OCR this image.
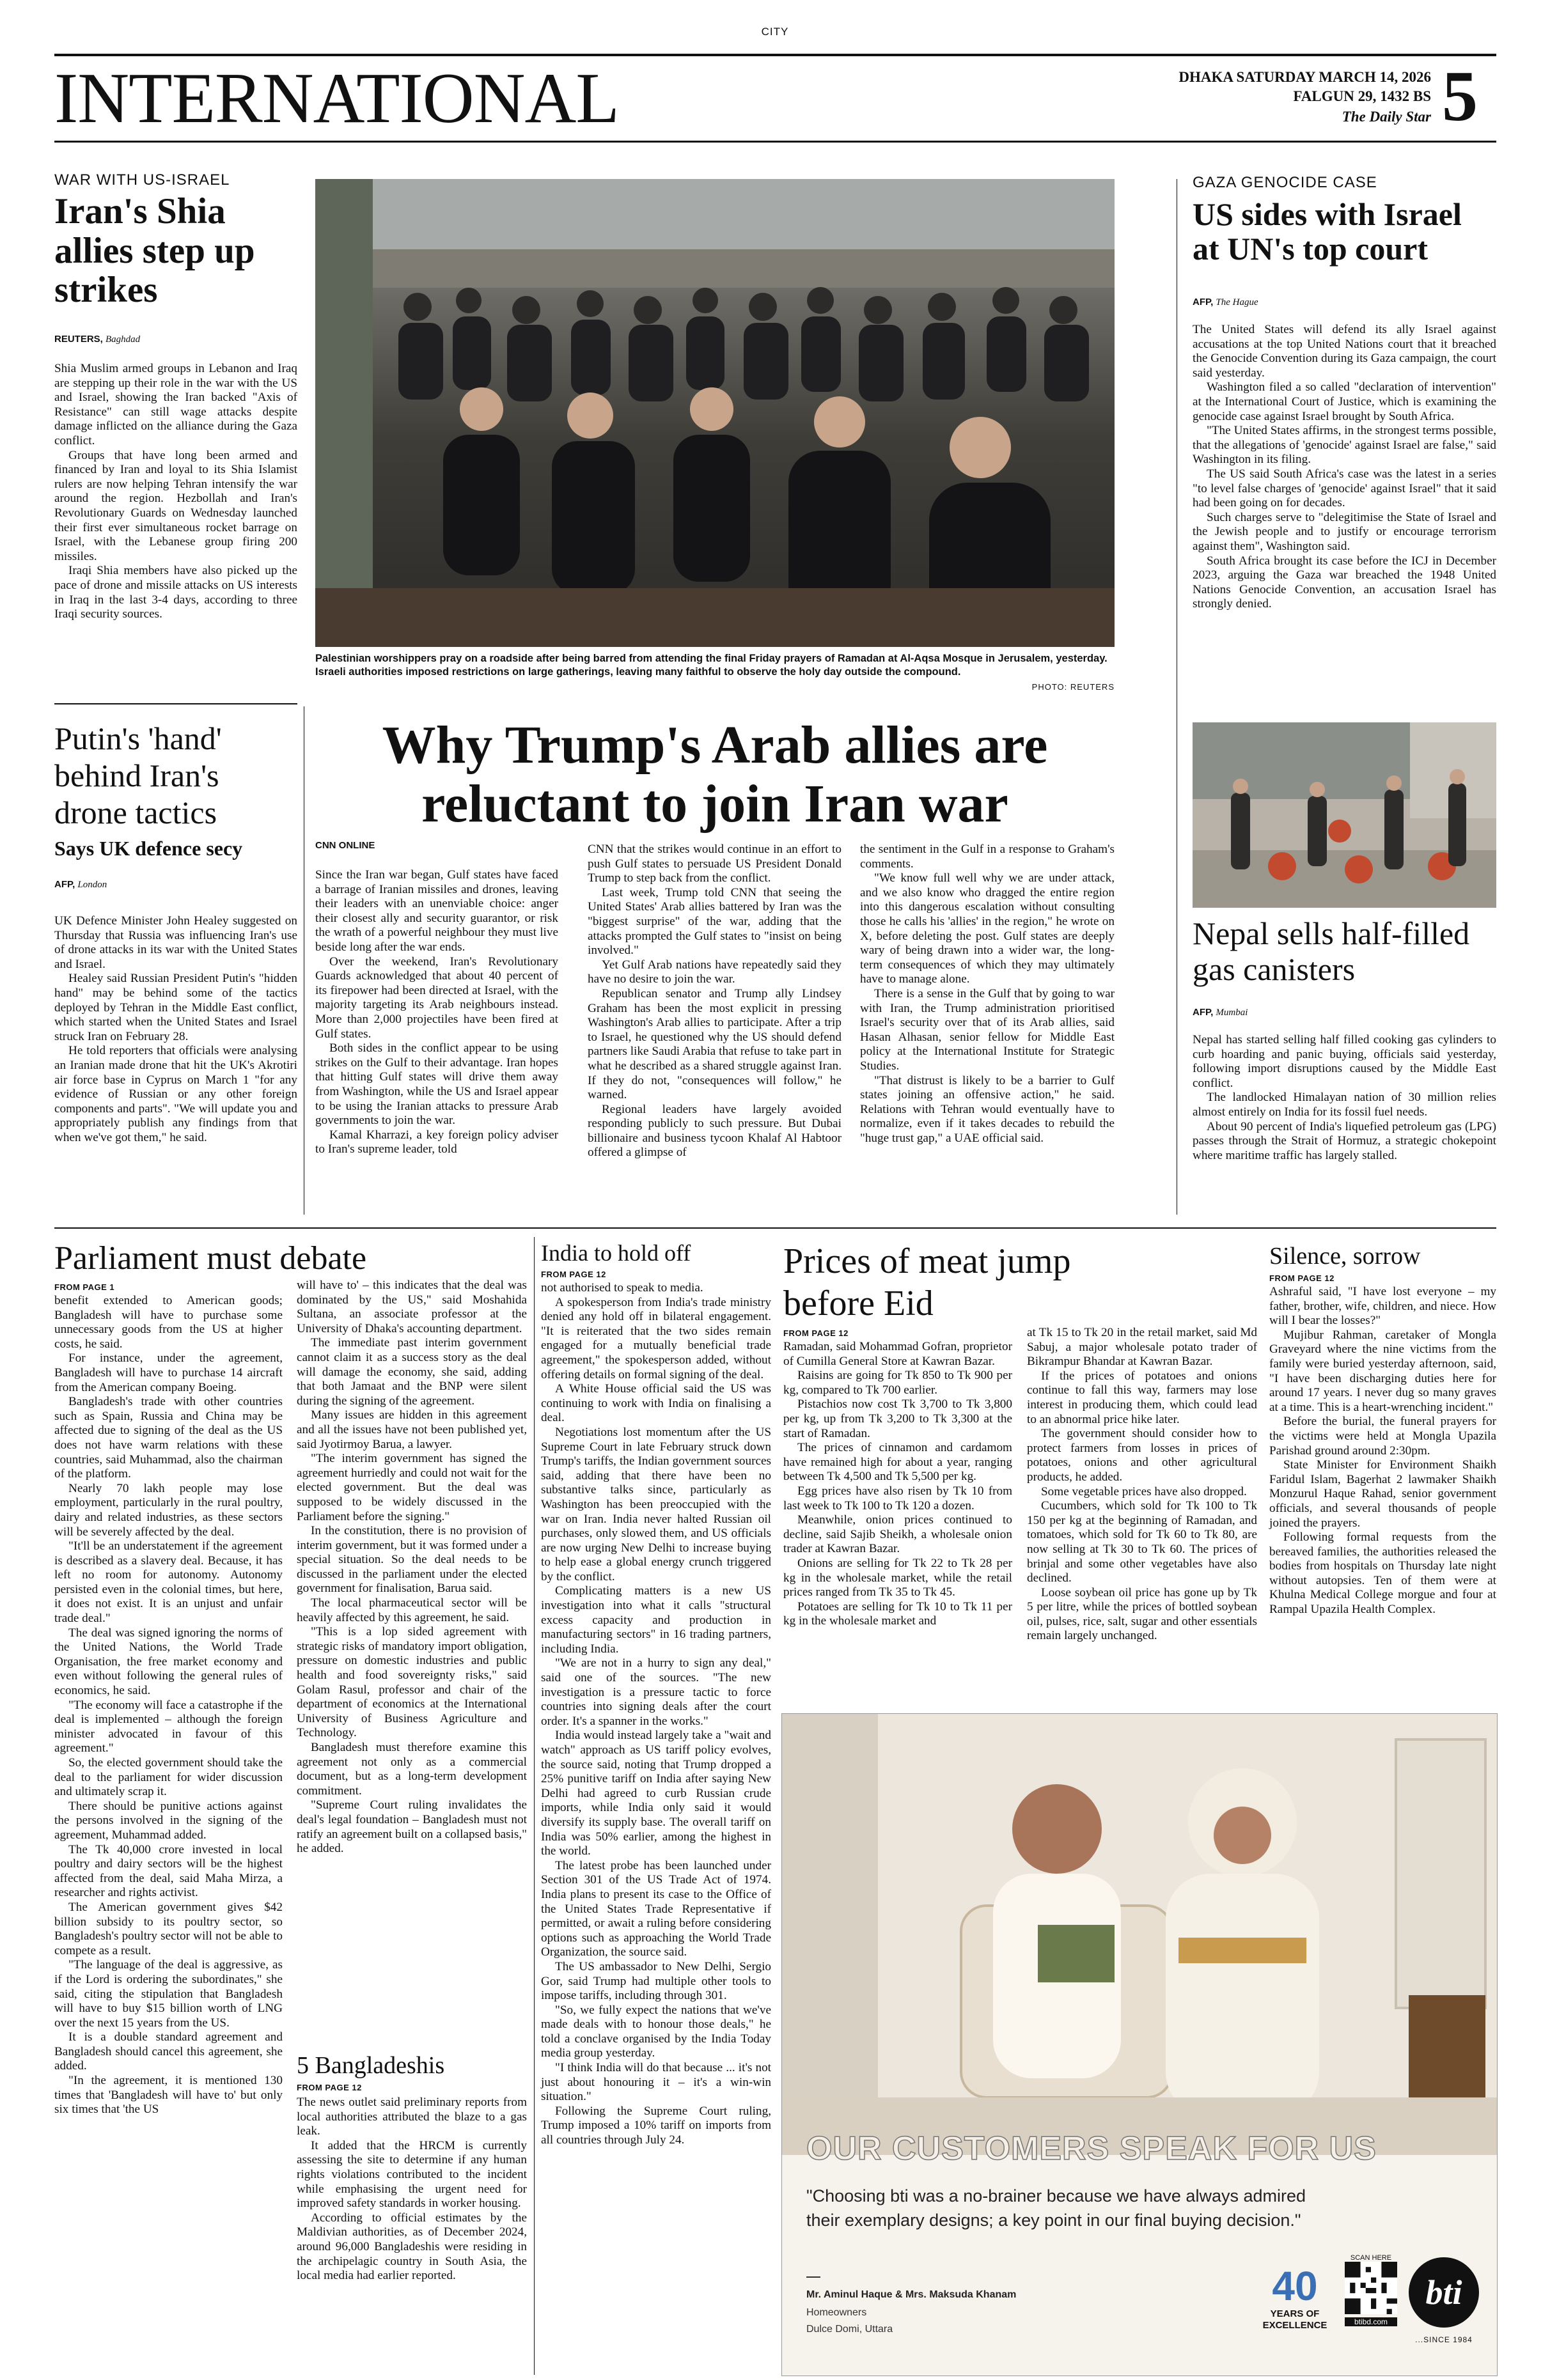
CITY
INTERNATIONAL	DHAKA SATURDAY MARCH 14, 2026
FALGUN 29, 1432 BS
The Daily Star 5
WAR WITH US-ISRAEL
Iran's Shia allies step up strikes
REUTERS, Baghdad

Shia Muslim armed groups in Lebanon and Iraq are stepping up their role in the war with the US and Israel, showing the Iran backed "Axis of Resistance" can still wage attacks despite damage inflicted on the alliance during the Gaza conflict.

Groups that have long been armed and financed by Iran and loyal to its Shia Islamist rulers are now helping Tehran intensify the war around the region. Hezbollah and Iran's Revolutionary Guards on Wednesday launched their first ever simultaneous rocket barrage on Israel, with the Lebanese group firing 200 missiles.

Iraqi Shia members have also picked up the pace of drone and missile attacks on US interests in Iraq in the last 3-4 days, according to three Iraqi security sources.

Palestinian worshippers pray on a roadside after being barred from attending the final Friday prayers of Ramadan at Al-Aqsa Mosque in Jerusalem, yesterday. Israeli authorities imposed restrictions on large gatherings, leaving many faithful to observe the holy day outside the compound.
PHOTO: REUTERS
GAZA GENOCIDE CASE
US sides with Israel at UN's top court
AFP, The Hague

The United States will defend its ally Israel against accusations at the top United Nations court that it breached the Genocide Convention during its Gaza campaign, the court said yesterday.

Washington filed a so called "declaration of intervention" at the International Court of Justice, which is examining the genocide case against Israel brought by South Africa.

"The United States affirms, in the strongest terms possible, that the allegations of 'genocide' against Israel are false," said Washington in its filing.

The US said South Africa's case was the latest in a series "to level false charges of 'genocide' against Israel" that it said had been going on for decades.

Such charges serve to "delegitimise the State of Israel and the Jewish people and to justify or encourage terrorism against them", Washington said.

South Africa brought its case before the ICJ in December 2023, arguing the Gaza war breached the 1948 United Nations Genocide Convention, an accusation Israel has strongly denied.

Nepal sells half-filled gas canisters
AFP, Mumbai

Nepal has started selling half filled cooking gas cylinders to curb hoarding and panic buying, officials said yesterday, following import disruptions caused by the Middle East conflict.

The landlocked Himalayan nation of 30 million relies almost entirely on India for its fossil fuel needs.

About 90 percent of India's liquefied petroleum gas (LPG) passes through the Strait of Hormuz, a strategic chokepoint where maritime traffic has largely stalled.

Putin's 'hand' behind Iran's drone tactics
Says UK defence secy
AFP, London

UK Defence Minister John Healey suggested on Thursday that Russia was influencing Iran's use of drone attacks in its war with the United States and Israel.

Healey said Russian President Putin's "hidden hand" may be behind some of the tactics deployed by Tehran in the Middle East conflict, which started when the United States and Israel struck Iran on February 28.

He told reporters that officials were analysing an Iranian made drone that hit the UK's Akrotiri air force base in Cyprus on March 1 "for any evidence of Russian or any other foreign components and parts". "We will update you and appropriately publish any findings from that when we've got them," he said.

Why Trump's Arab allies are reluctant to join Iran war
CNN ONLINE

Since the Iran war began, Gulf states have faced a barrage of Iranian missiles and drones, leaving their leaders with an unenviable choice: anger their closest ally and security guarantor, or risk the wrath of a powerful neighbour they must live beside long after the war ends.

Over the weekend, Iran's Revolutionary Guards acknowledged that about 40 percent of its firepower had been directed at Israel, with the majority targeting its Arab neighbours instead. More than 2,000 projectiles have been fired at Gulf states.

Both sides in the conflict appear to be using strikes on the Gulf to their advantage. Iran hopes that hitting Gulf states will drive them away from Washington, while the US and Israel appear to be using the Iranian attacks to pressure Arab governments to join the war.

Kamal Kharrazi, a key foreign policy adviser to Iran's supreme leader, told

CNN that the strikes would continue in an effort to push Gulf states to persuade US President Donald Trump to step back from the conflict.

Last week, Trump told CNN that seeing the United States' Arab allies battered by Iran was the "biggest surprise" of the war, adding that the attacks prompted the Gulf states to "insist on being involved."

Yet Gulf Arab nations have repeatedly said they have no desire to join the war.

Republican senator and Trump ally Lindsey Graham has been the most explicit in pressing Washington's Arab allies to participate. After a trip to Israel, he questioned why the US should defend partners like Saudi Arabia that refuse to take part in what he described as a shared struggle against Iran. If they do not, "consequences will follow," he warned.

Regional leaders have largely avoided responding publicly to such pressure. But Dubai billionaire and business tycoon Khalaf Al Habtoor offered a glimpse of

the sentiment in the Gulf in a response to Graham's comments.

"We know full well why we are under attack, and we also know who dragged the entire region into this dangerous escalation without consulting those he calls his 'allies' in the region," he wrote on X, before deleting the post. Gulf states are deeply wary of being drawn into a wider war, the long-term consequences of which they may ultimately have to manage alone.

There is a sense in the Gulf that by going to war with Iran, the Trump administration prioritised Israel's security over that of its Arab allies, said Hasan Alhasan, senior fellow for Middle East policy at the International Institute for Strategic Studies.

"That distrust is likely to be a barrier to Gulf states joining an offensive action," he said. Relations with Tehran would eventually have to normalize, even if it takes decades to rebuild the "huge trust gap," a UAE official said.

Parliament must debate
FROM PAGE 1

benefit extended to American goods; Bangladesh will have to purchase some unnecessary goods from the US at higher costs, he said.

For instance, under the agreement, Bangladesh will have to purchase 14 aircraft from the American company Boeing.

Bangladesh's trade with other countries such as Spain, Russia and China may be affected due to signing of the deal as the US does not have warm relations with these countries, said Muhammad, also the chairman of the platform.

Nearly 70 lakh people may lose employment, particularly in the rural poultry, dairy and related industries, as these sectors will be severely affected by the deal.

"It'll be an understatement if the agreement is described as a slavery deal. Because, it has left no room for autonomy. Autonomy persisted even in the colonial times, but here, it does not exist. It is an unjust and unfair trade deal."

The deal was signed ignoring the norms of the United Nations, the World Trade Organisation, the free market economy and even without following the general rules of economics, he said.

"The economy will face a catastrophe if the deal is implemented – although the foreign minister advocated in favour of this agreement."

So, the elected government should take the deal to the parliament for wider discussion and ultimately scrap it.

There should be punitive actions against the persons involved in the signing of the agreement, Muhammad added.

The Tk 40,000 crore invested in local poultry and dairy sectors will be the highest affected from the deal, said Maha Mirza, a researcher and rights activist.

The American government gives $42 billion subsidy to its poultry sector, so Bangladesh's poultry sector will not be able to compete as a result.

"The language of the deal is aggressive, as if the Lord is ordering the subordinates," she said, citing the stipulation that Bangladesh will have to buy $15 billion worth of LNG over the next 15 years from the US.

It is a double standard agreement and Bangladesh should cancel this agreement, she added.

"In the agreement, it is mentioned 130 times that 'Bangladesh will have to' but only six times that 'the US

will have to' – this indicates that the deal was dominated by the US," said Moshahida Sultana, an associate professor at the University of Dhaka's accounting department.

The immediate past interim government cannot claim it as a success story as the deal will damage the economy, she said, adding that both Jamaat and the BNP were silent during the signing of the agreement.

Many issues are hidden in this agreement and all the issues have not been published yet, said Jyotirmoy Barua, a lawyer.

"The interim government has signed the agreement hurriedly and could not wait for the elected government. But the deal was supposed to be widely discussed in the Parliament before the signing."

In the constitution, there is no provision of interim government, but it was formed under a special situation. So the deal needs to be discussed in the parliament under the elected government for finalisation, Barua said.

The local pharmaceutical sector will be heavily affected by this agreement, he said.

"This is a lop sided agreement with strategic risks of mandatory import obligation, pressure on domestic industries and public health and food sovereignty risks," said Golam Rasul, professor and chair of the department of economics at the International University of Business Agriculture and Technology.

Bangladesh must therefore examine this agreement not only as a commercial document, but as a long-term development commitment.

"Supreme Court ruling invalidates the deal's legal foundation – Bangladesh must not ratify an agreement built on a collapsed basis," he added.

5 Bangladeshis
FROM PAGE 12

The news outlet said preliminary reports from local authorities attributed the blaze to a gas leak.

It added that the HRCM is currently assessing the site to determine if any human rights violations contributed to the incident while emphasising the urgent need for improved safety standards in worker housing.

According to official estimates by the Maldivian authorities, as of December 2024, around 96,000 Bangladeshis were residing in the archipelagic country in South Asia, the local media had earlier reported.

India to hold off
FROM PAGE 12

not authorised to speak to media.

A spokesperson from India's trade ministry denied any hold off in bilateral engagement. "It is reiterated that the two sides remain engaged for a mutually beneficial trade agreement," the spokesperson added, without offering details on formal signing of the deal.

A White House official said the US was continuing to work with India on finalising a deal.

Negotiations lost momentum after the US Supreme Court in late February struck down Trump's tariffs, the Indian government sources said, adding that there have been no substantive talks since, particularly as Washington has been preoccupied with the war on Iran. India never halted Russian oil purchases, only slowed them, and US officials are now urging New Delhi to increase buying to help ease a global energy crunch triggered by the conflict.

Complicating matters is a new US investigation into what it calls "structural excess capacity and production in manufacturing sectors" in 16 trading partners, including India.

"We are not in a hurry to sign any deal," said one of the sources. "The new investigation is a pressure tactic to force countries into signing deals after the court order. It's a spanner in the works."

India would instead largely take a "wait and watch" approach as US tariff policy evolves, the source said, noting that Trump dropped a 25% punitive tariff on India after saying New Delhi had agreed to curb Russian crude imports, while India only said it would diversify its supply base. The overall tariff on India was 50% earlier, among the highest in the world.

The latest probe has been launched under Section 301 of the US Trade Act of 1974. India plans to present its case to the Office of the United States Trade Representative if permitted, or await a ruling before considering options such as approaching the World Trade Organization, the source said.

The US ambassador to New Delhi, Sergio Gor, said Trump had multiple other tools to impose tariffs, including through 301.

"So, we fully expect the nations that we've made deals with to honour those deals," he told a conclave organised by the India Today media group yesterday.

"I think India will do that because ... it's not just about honouring it – it's a win-win situation."

Following the Supreme Court ruling, Trump imposed a 10% tariff on imports from all countries through July 24.

Prices of meat jump before Eid
FROM PAGE 12

Ramadan, said Mohammad Gofran, proprietor of Cumilla General Store at Kawran Bazar.

Raisins are going for Tk 850 to Tk 900 per kg, compared to Tk 700 earlier.

Pistachios now cost Tk 3,700 to Tk 3,800 per kg, up from Tk 3,200 to Tk 3,300 at the start of Ramadan.

The prices of cinnamon and cardamom have remained high for about a year, ranging between Tk 4,500 and Tk 5,500 per kg.

Egg prices have also risen by Tk 10 from last week to Tk 100 to Tk 120 a dozen.

Meanwhile, onion prices continued to decline, said Sajib Sheikh, a wholesale onion trader at Kawran Bazar.

Onions are selling for Tk 22 to Tk 28 per kg in the wholesale market, while the retail prices ranged from Tk 35 to Tk 45.

Potatoes are selling for Tk 10 to Tk 11 per kg in the wholesale market and

at Tk 15 to Tk 20 in the retail market, said Md Sabuj, a major wholesale potato trader of Bikrampur Bhandar at Kawran Bazar.

If the prices of potatoes and onions continue to fall this way, farmers may lose interest in producing them, which could lead to an abnormal price hike later.

The government should consider how to protect farmers from losses in prices of potatoes, onions and other agricultural products, he added.

Some vegetable prices have also dropped.

Cucumbers, which sold for Tk 100 to Tk 150 per kg at the beginning of Ramadan, and tomatoes, which sold for Tk 60 to Tk 80, are now selling at Tk 30 to Tk 60. The prices of brinjal and some other vegetables have also declined.

Loose soybean oil price has gone up by Tk 5 per litre, while the prices of bottled soybean oil, pulses, rice, salt, sugar and other essentials remain largely unchanged.

Silence, sorrow
FROM PAGE 12

Ashraful said, "I have lost everyone – my father, brother, wife, children, and niece. How will I bear the losses?"

Mujibur Rahman, caretaker of Mongla Graveyard where the nine victims from the family were buried yesterday afternoon, said, "I have been discharging duties here for around 17 years. I never dug so many graves at a time. This is a heart-wrenching incident."

Before the burial, the funeral prayers for the victims were held at Mongla Upazila Parishad ground around 2:30pm.

State Minister for Environment Shaikh Faridul Islam, Bagerhat 2 lawmaker Shaikh Monzurul Haque Rahad, senior government officials, and several thousands of people joined the prayers.

Following formal requests from the bereaved families, the authorities released the bodies from hospitals on Thursday late night without autopsies. Ten of them were at Khulna Medical College morgue and four at Rampal Upazila Health Complex.

OUR CUSTOMERS SPEAK FOR US
"Choosing bti was a no-brainer because we have always admired their exemplary designs; a key point in our final buying decision."
Mr. Aminul Haque & Mrs. Maksuda Khanam
Homeowners
Dulce Domi, Uttara
40
YEARS OF EXCELLENCE
SCAN HERE
btibd.com
bti
...SINCE 1984
